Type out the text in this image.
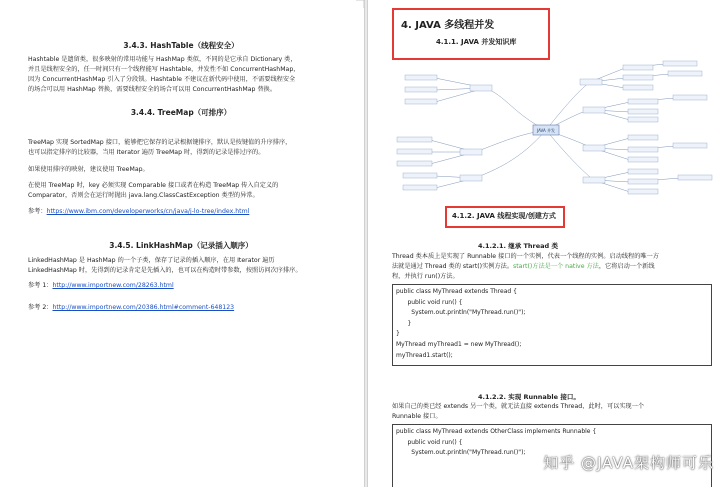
3.4.3. HashTable（线程安全）
Hashtable 是遗留类，很多映射的常用功能与 HashMap 类似，不同的是它承自 Dictionary 类，
并且是线程安全的，任一时间只有一个线程能写 Hashtable，并发性不如 ConcurrentHashMap，
因为 ConcurrentHashMap 引入了分段锁。Hashtable 不建议在新代码中使用，不需要线程安全
的场合可以用 HashMap 替换，需要线程安全的场合可以用 ConcurrentHashMap 替换。
3.4.4. TreeMap（可排序）
TreeMap 实现 SortedMap 接口，能够把它保存的记录根据键排序，默认是按键值的升序排序，
也可以指定排序的比较器，当用 Iterator 遍历 TreeMap 时，得到的记录是排过序的。
如果使用排序的映射，建议使用 TreeMap。
在使用 TreeMap 时，key 必须实现 Comparable 接口或者在构造 TreeMap 传入自定义的
Comparator，否则会在运行时抛出 java.lang.ClassCastException 类型的异常。
参考：https://www.ibm.com/developerworks/cn/java/j-lo-tree/index.html
3.4.5. LinkHashMap（记录插入顺序）
LinkedHashMap 是 HashMap 的一个子类，保存了记录的插入顺序，在用 Iterator 遍历
LinkedHashMap 时，先得到的记录肯定是先插入的，也可以在构造时带参数，按照访问次序排序。
参考 1：http://www.importnew.com/28263.html
参考 2：http://www.importnew.com/20386.html#comment-648123
4. JAVA 多线程并发
4.1.1. JAVA 并发知识库
JAVA 并发
4.1.2. JAVA 线程实现/创建方式
4.1.2.1. 继承 Thread 类
Thread 类本质上是实现了 Runnable 接口的一个实例，代表一个线程的实例。启动线程的唯一方
法就是通过 Thread 类的 start()实例方法。start()方法是一个 native 方法，它将启动一个新线
程，并执行 run()方法。
public class MyThread extends Thread {
public void run() {
System.out.println("MyThread.run()");
}
}
MyThread myThread1 = new MyThread();
myThread1.start();
4.1.2.2. 实现 Runnable 接口。
如果自己的类已经 extends 另一个类，就无法直接 extends Thread，此时，可以实现一个
Runnable 接口。
public class MyThread extends OtherClass implements Runnable {
public void run() {
System.out.println("MyThread.run()");
知乎 @JAVA架构师可乐
